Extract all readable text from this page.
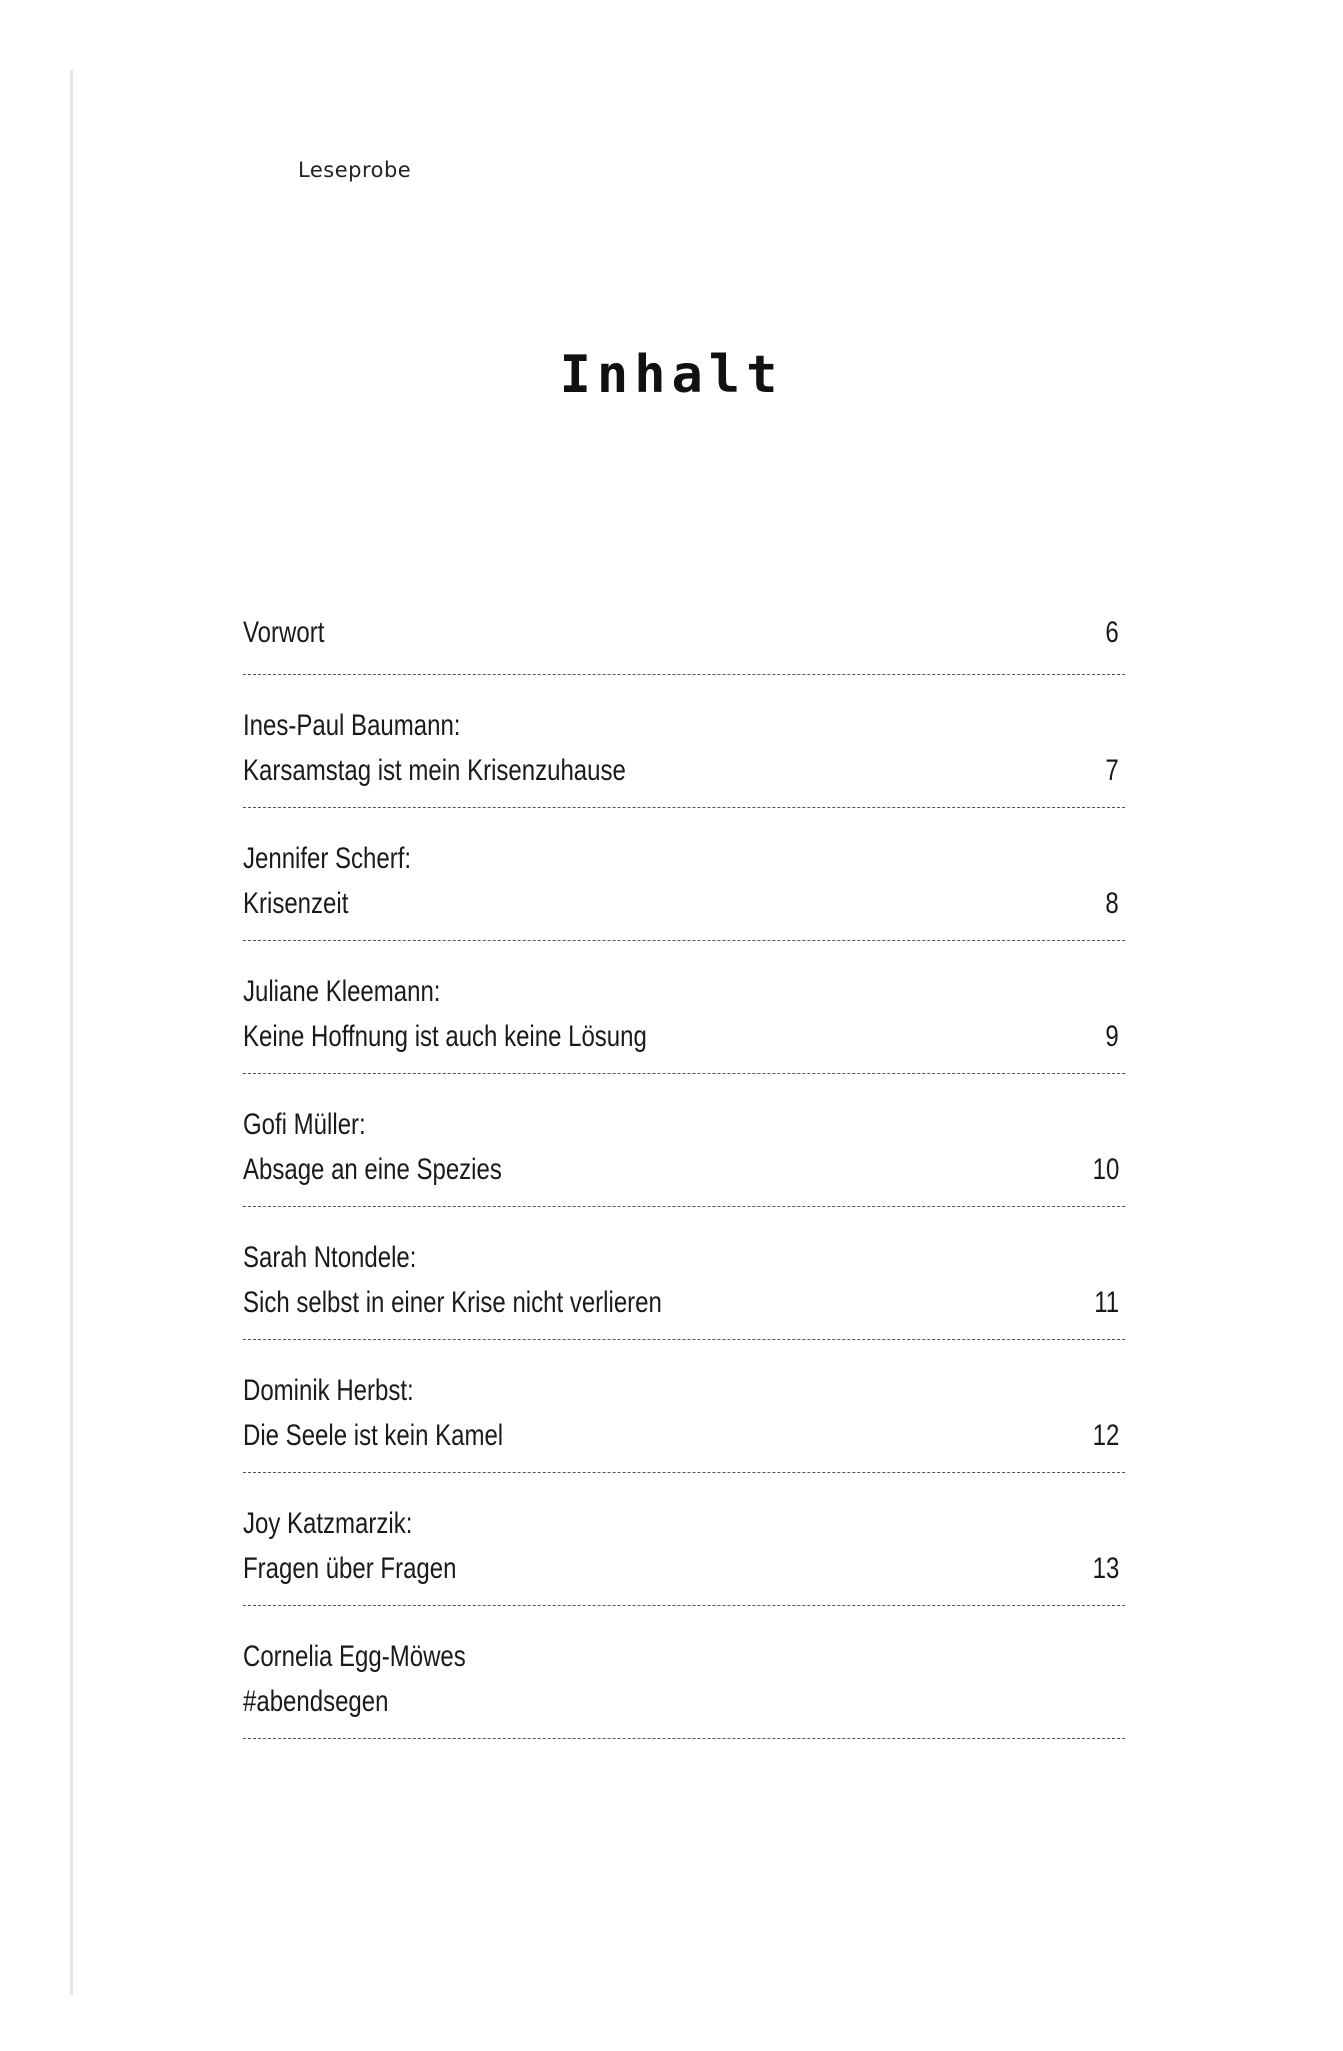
Leseprobe
Inhalt
Vorwort	6
Ines-Paul Baumann:
Karsamstag ist mein Krisenzuhause	7
Jennifer Scherf:
Krisenzeit	8
Juliane Kleemann:
Keine Hoffnung ist auch keine Lösung	9
Gofi Müller:
Absage an eine Spezies	10
Sarah Ntondele:
Sich selbst in einer Krise nicht verlieren	11
Dominik Herbst:
Die Seele ist kein Kamel	12
Joy Katzmarzik:
Fragen über Fragen	13
Cornelia Egg-Möwes
#abendsegen
